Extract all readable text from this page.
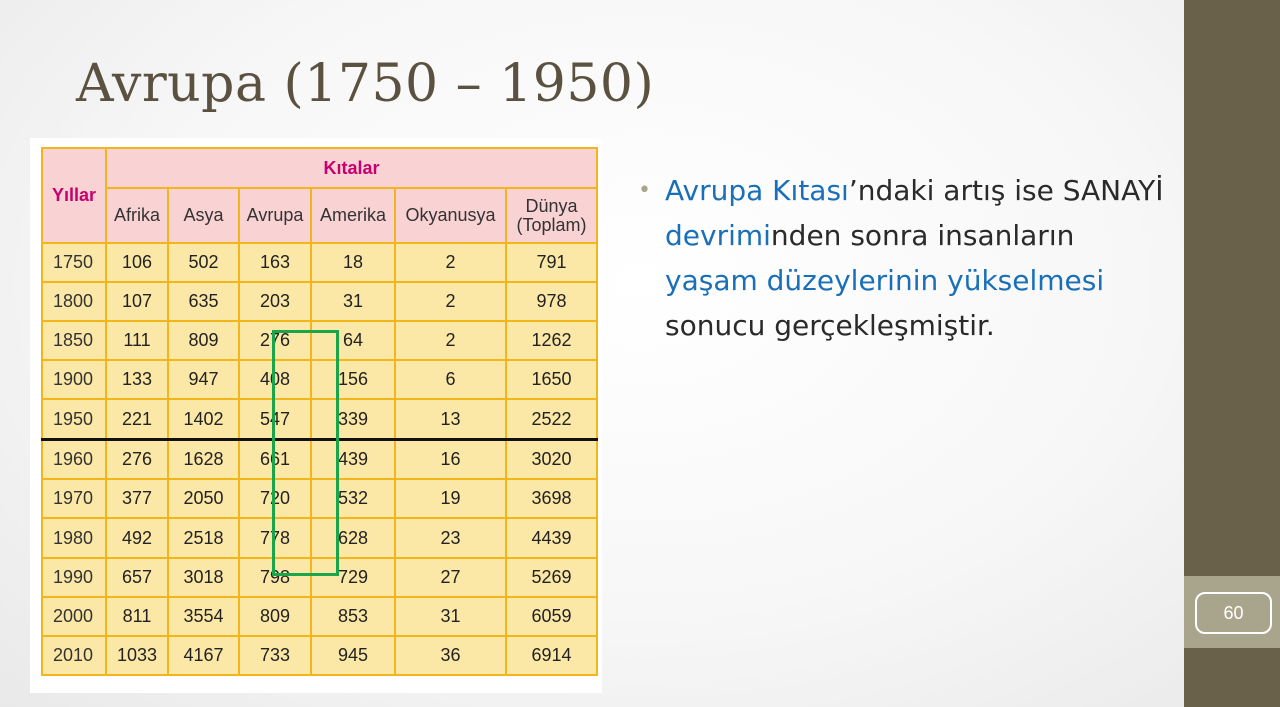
60
Avrupa (1750 – 1950)
Yıllar	Kıtalar					
	Afrika	Asya	Avrupa	Amerika	Okyanusya	Dünya (Toplam)
1750	106	502	163	18	2	791
1800	107	635	203	31	2	978
1850	111	809	276	64	2	1262
1900	133	947	408	156	6	1650
1950	221	1402	547	339	13	2522
1960	276	1628	661	439	16	3020
1970	377	2050	720	532	19	3698
1980	492	2518	778	628	23	4439
1990	657	3018	798	729	27	5269
2000	811	3554	809	853	31	6059
2010	1033	4167	733	945	36	6914
• Avrupa Kıtası’ndaki artış ise SANAYİ devriminden sonra insanların yaşam düzeylerinin yükselmesi sonucu gerçekleşmiştir.
